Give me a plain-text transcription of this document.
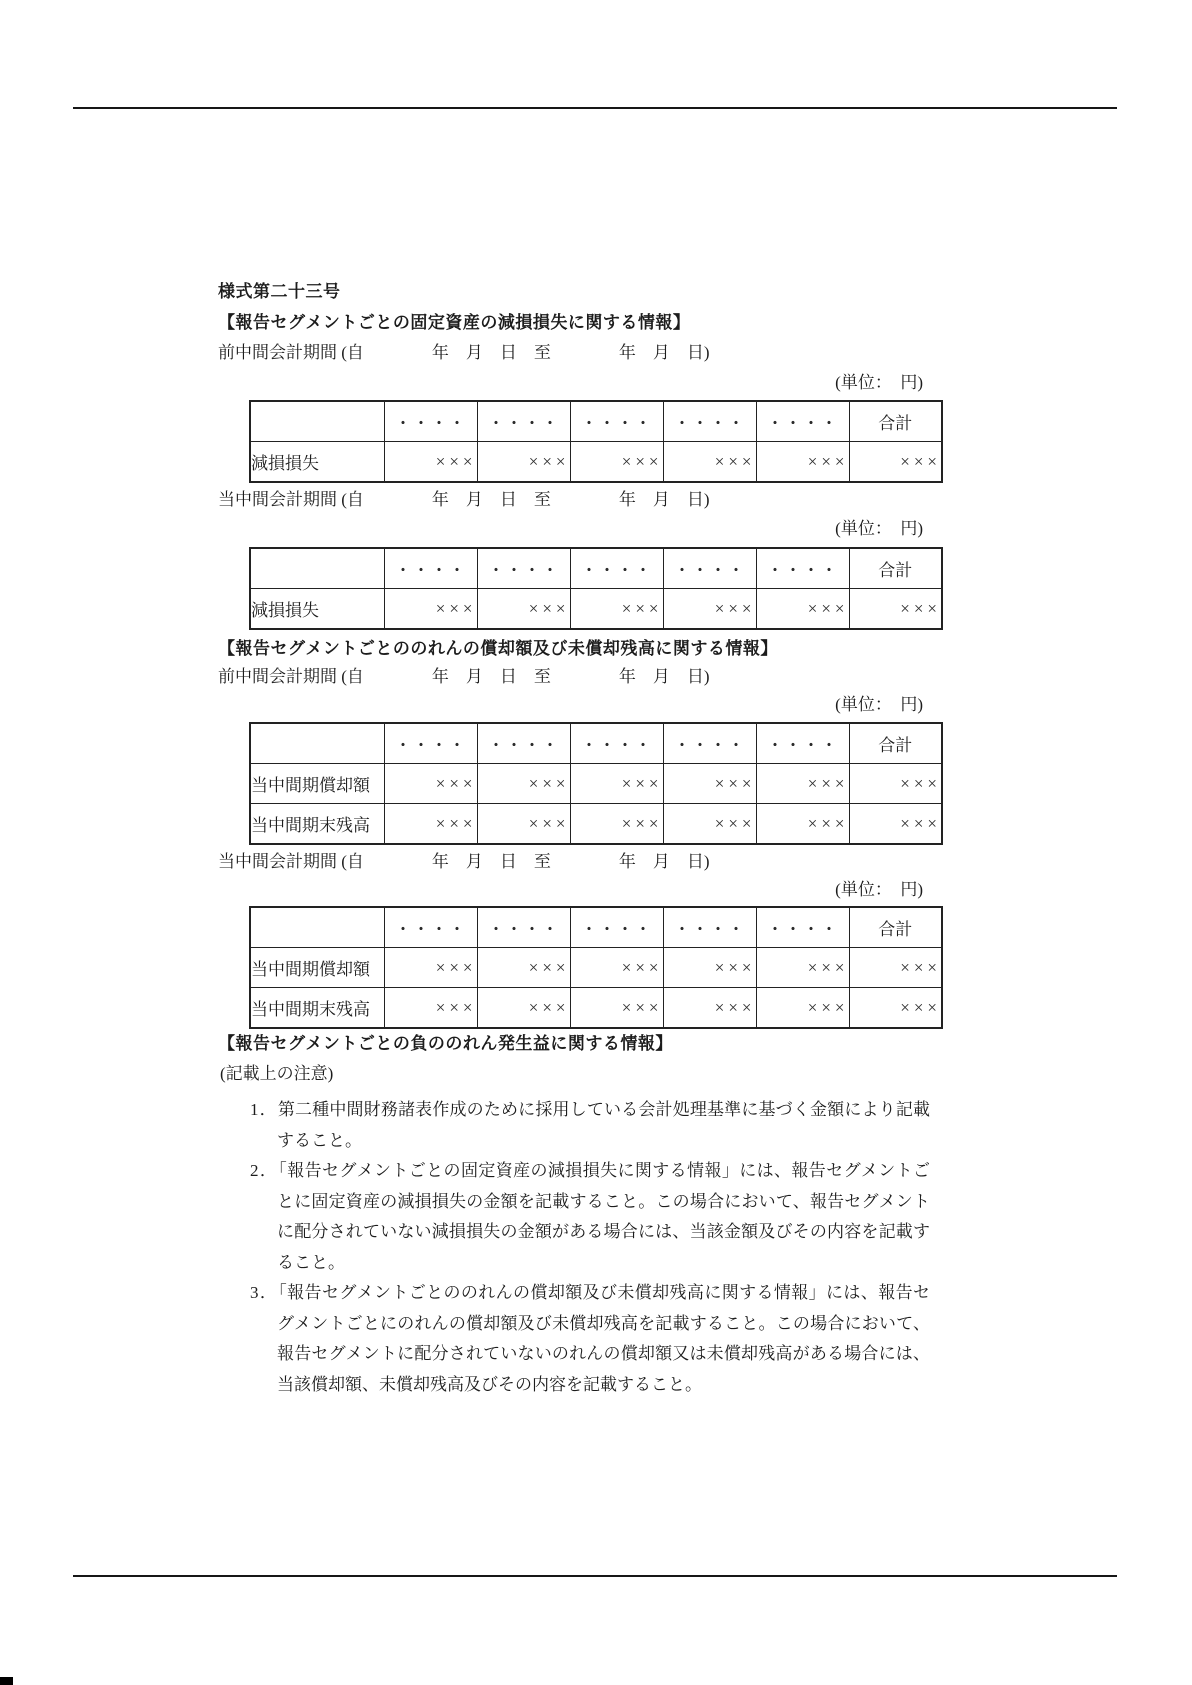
様式第二十三号
【報告セグメントごとの固定資産の減損損失に関する情報】
前中間会計期間 (自　　　　年　月　日　至　　　　年　月　日)
(単位：　円)
	・・・・	・・・・	・・・・	・・・・	・・・・	合計
減損損失	×××	×××	×××	×××	×××	×××
当中間会計期間 (自　　　　年　月　日　至　　　　年　月　日)
(単位：　円)
	・・・・	・・・・	・・・・	・・・・	・・・・	合計
減損損失	×××	×××	×××	×××	×××	×××
【報告セグメントごとののれんの償却額及び未償却残高に関する情報】
前中間会計期間 (自　　　　年　月　日　至　　　　年　月　日)
(単位：　円)
	・・・・	・・・・	・・・・	・・・・	・・・・	合計
当中間期償却額	×××	×××	×××	×××	×××	×××
当中間期末残高	×××	×××	×××	×××	×××	×××
当中間会計期間 (自　　　　年　月　日　至　　　　年　月　日)
(単位：　円)
	・・・・	・・・・	・・・・	・・・・	・・・・	合計
当中間期償却額	×××	×××	×××	×××	×××	×××
当中間期末残高	×××	×××	×××	×××	×××	×××
【報告セグメントごとの負ののれん発生益に関する情報】
(記載上の注意)

1．第二種中間財務諸表作成のために採用している会計処理基準に基づく金額により記載すること。

2．「報告セグメントごとの固定資産の減損損失に関する情報」には、報告セグメントごとに固定資産の減損損失の金額を記載すること。この場合において、報告セグメントに配分されていない減損損失の金額がある場合には、当該金額及びその内容を記載すること。

3．「報告セグメントごとののれんの償却額及び未償却残高に関する情報」には、報告セグメントごとにのれんの償却額及び未償却残高を記載すること。この場合において、報告セグメントに配分されていないのれんの償却額又は未償却残高がある場合には、当該償却額、未償却残高及びその内容を記載すること。
